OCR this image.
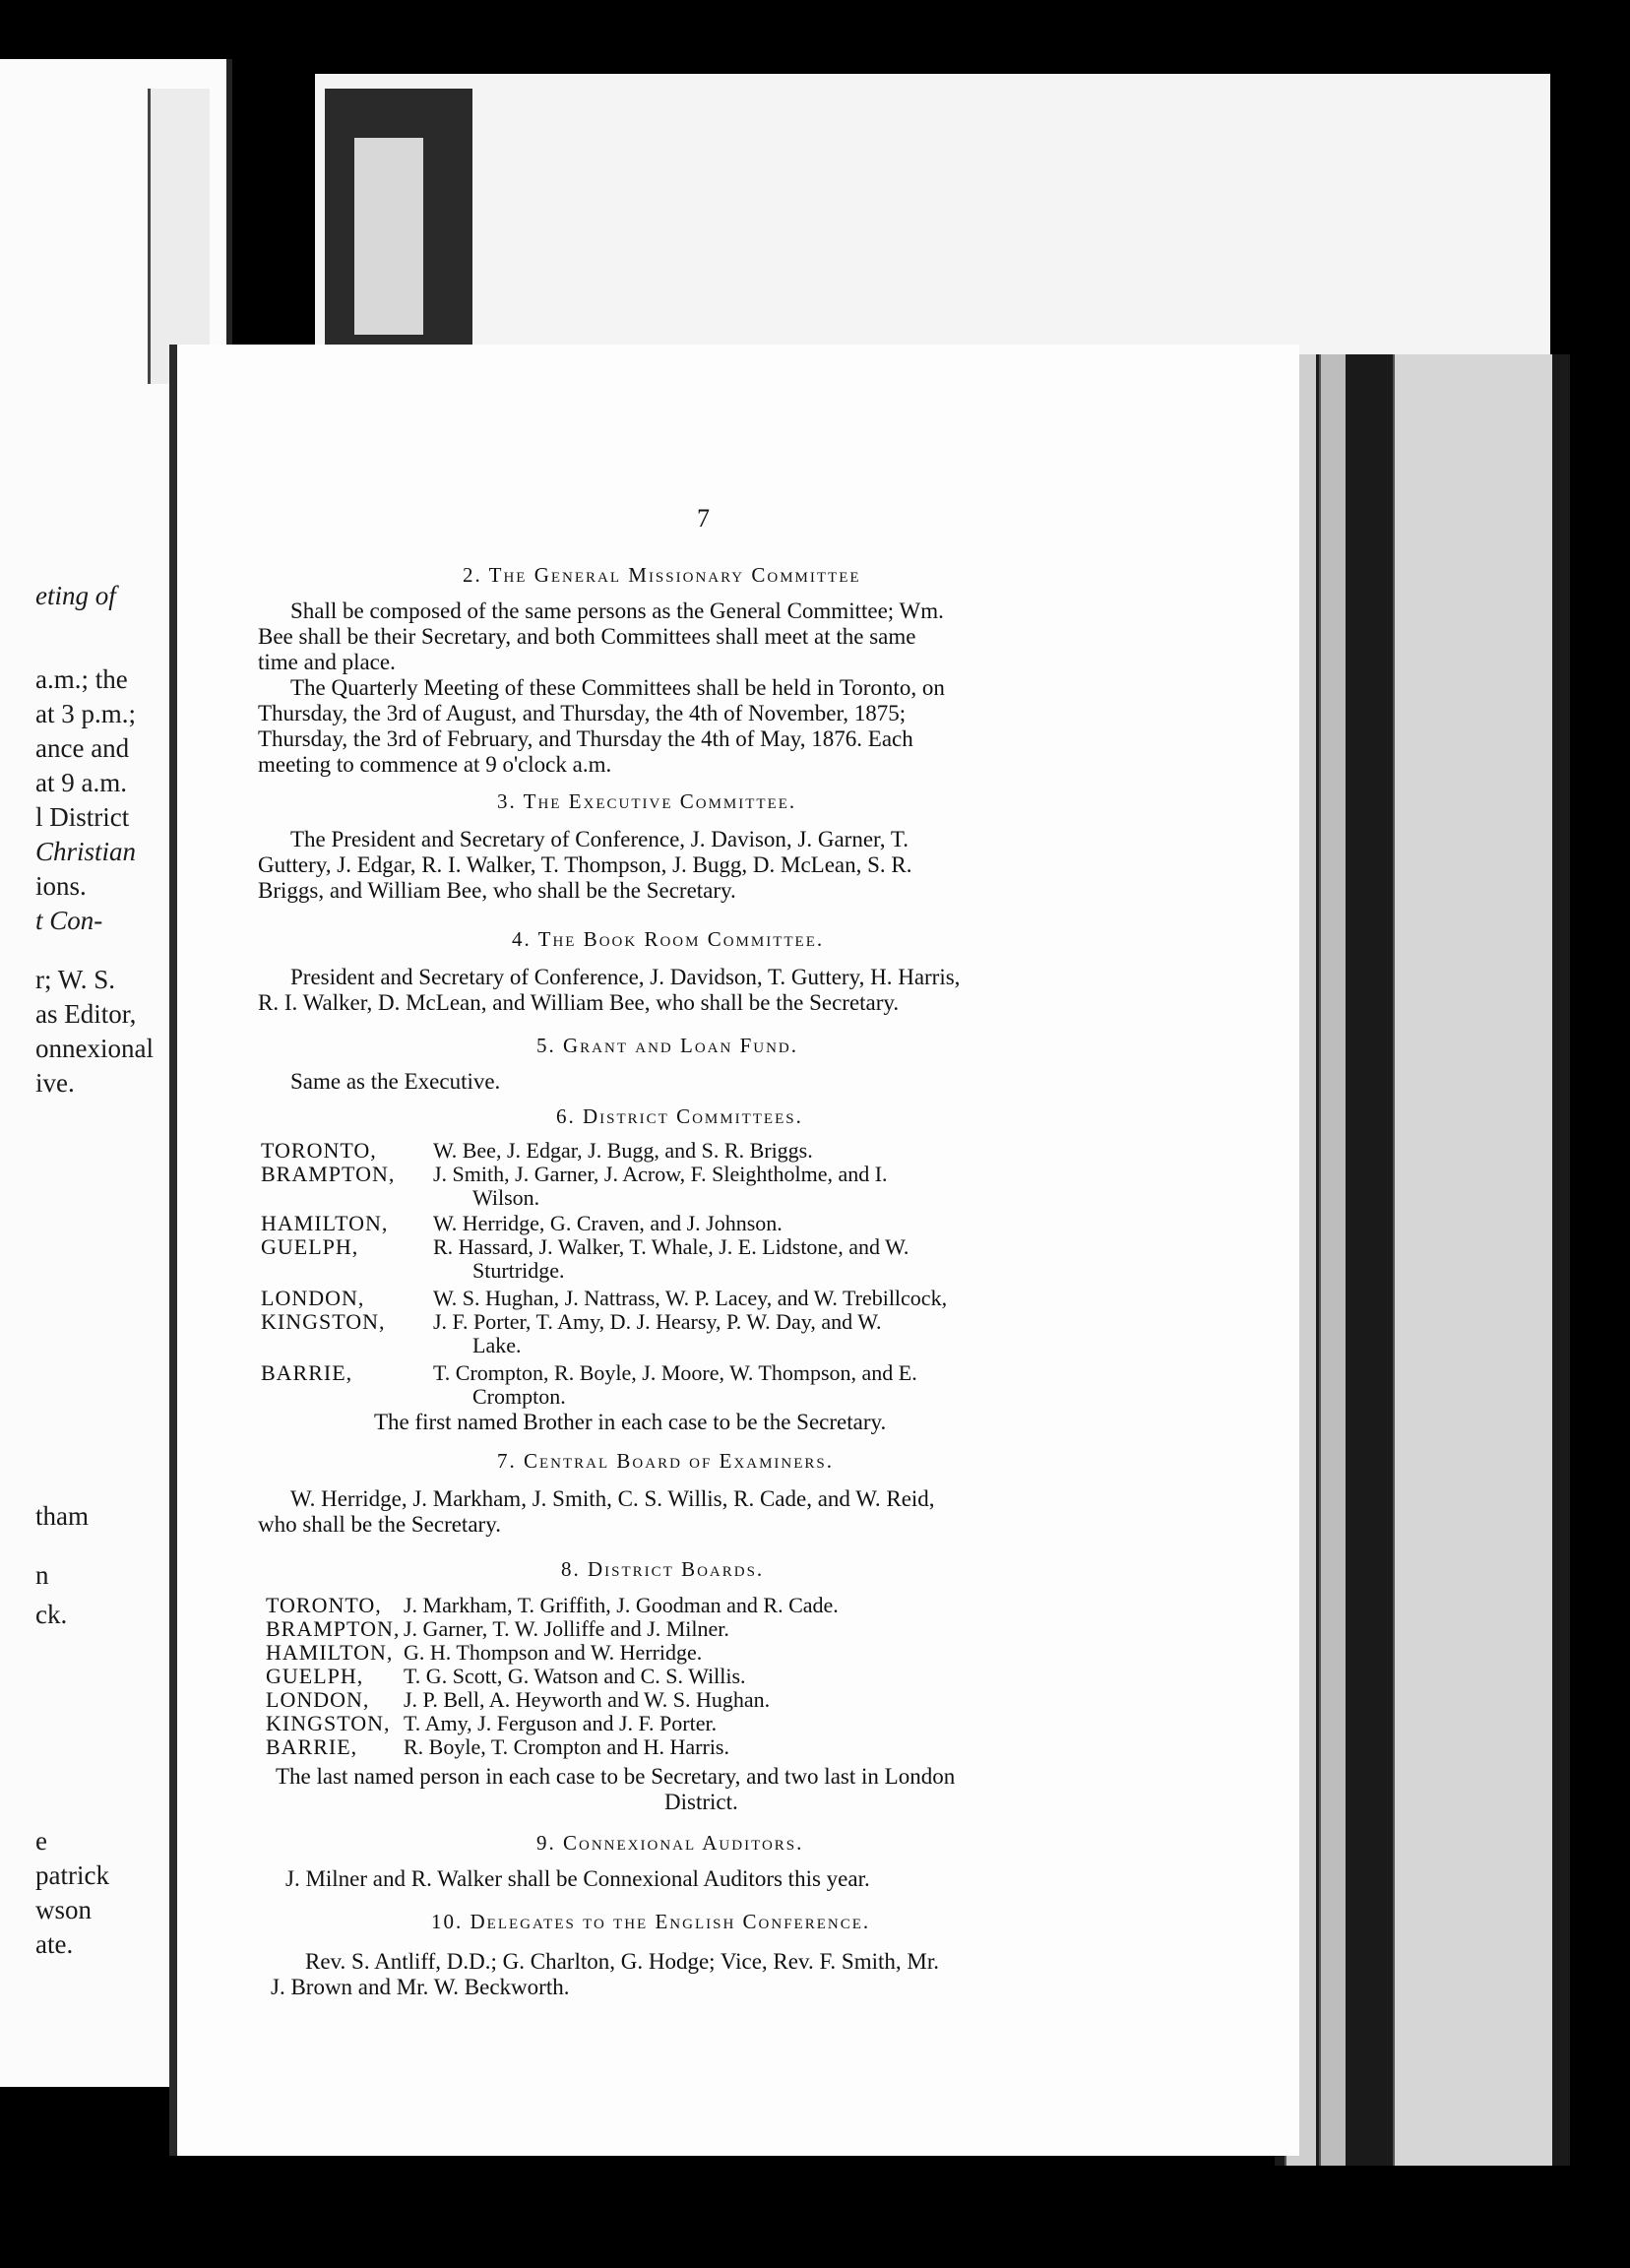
eting of
a.m.; the
at 3 p.m.;
ance and
at 9 a.m.
l District
Christian
ions.
t Con-
r; W. S.
as Editor,
onnexional
ive.
tham
n
ck.
e
patrick
wson
ate.
7
2. The General Missionary Committee
Shall be composed of the same persons as the General Committee; Wm.
Bee shall be their Secretary, and both Committees shall meet at the same
time and place.
The Quarterly Meeting of these Committees shall be held in Toronto, on
Thursday, the 3rd of August, and Thursday, the 4th of November, 1875;
Thursday, the 3rd of February, and Thursday the 4th of May, 1876. Each
meeting to commence at 9 o'clock a.m.
3. The Executive Committee.
The President and Secretary of Conference, J. Davison, J. Garner, T.
Guttery, J. Edgar, R. I. Walker, T. Thompson, J. Bugg, D. McLean, S. R.
Briggs, and William Bee, who shall be the Secretary.
4. The Book Room Committee.
President and Secretary of Conference, J. Davidson, T. Guttery, H. Harris,
R. I. Walker, D. McLean, and William Bee, who shall be the Secretary.
5. Grant and Loan Fund.
Same as the Executive.
6. District Committees.
TORONTO,	W. Bee, J. Edgar, J. Bugg, and S. R. Briggs.
BRAMPTON, J. Smith, J. Garner, J. Acrow, F. Sleightholme, and I.
Wilson.
HAMILTON, W. Herridge, G. Craven, and J. Johnson.
GUELPH,	R. Hassard, J. Walker, T. Whale, J. E. Lidstone, and W.
Sturtridge.
LONDON,	W. S. Hughan, J. Nattrass, W. P. Lacey, and W. Trebillcock,
KINGSTON, J. F. Porter, T. Amy, D. J. Hearsy, P. W. Day, and W.
Lake.
BARRIE,	T. Crompton, R. Boyle, J. Moore, W. Thompson, and E.
Crompton.
The first named Brother in each case to be the Secretary.
7. Central Board of Examiners.
W. Herridge, J. Markham, J. Smith, C. S. Willis, R. Cade, and W. Reid,
who shall be the Secretary.
8. District Boards.
TORONTO, J. Markham, T. Griffith, J. Goodman and R. Cade.
BRAMPTON, J. Garner, T. W. Jolliffe and J. Milner.
HAMILTON, G. H. Thompson and W. Herridge.
GUELPH, T. G. Scott, G. Watson and C. S. Willis.
LONDON, J. P. Bell, A. Heyworth and W. S. Hughan.
KINGSTON, T. Amy, J. Ferguson and J. F. Porter.
BARRIE, R. Boyle, T. Crompton and H. Harris.
The last named person in each case to be Secretary, and two last in London
District.
9. Connexional Auditors.
J. Milner and R. Walker shall be Connexional Auditors this year.
10. Delegates to the English Conference.
Rev. S. Antliff, D.D.; G. Charlton, G. Hodge; Vice, Rev. F. Smith, Mr.
J. Brown and Mr. W. Beckworth.
